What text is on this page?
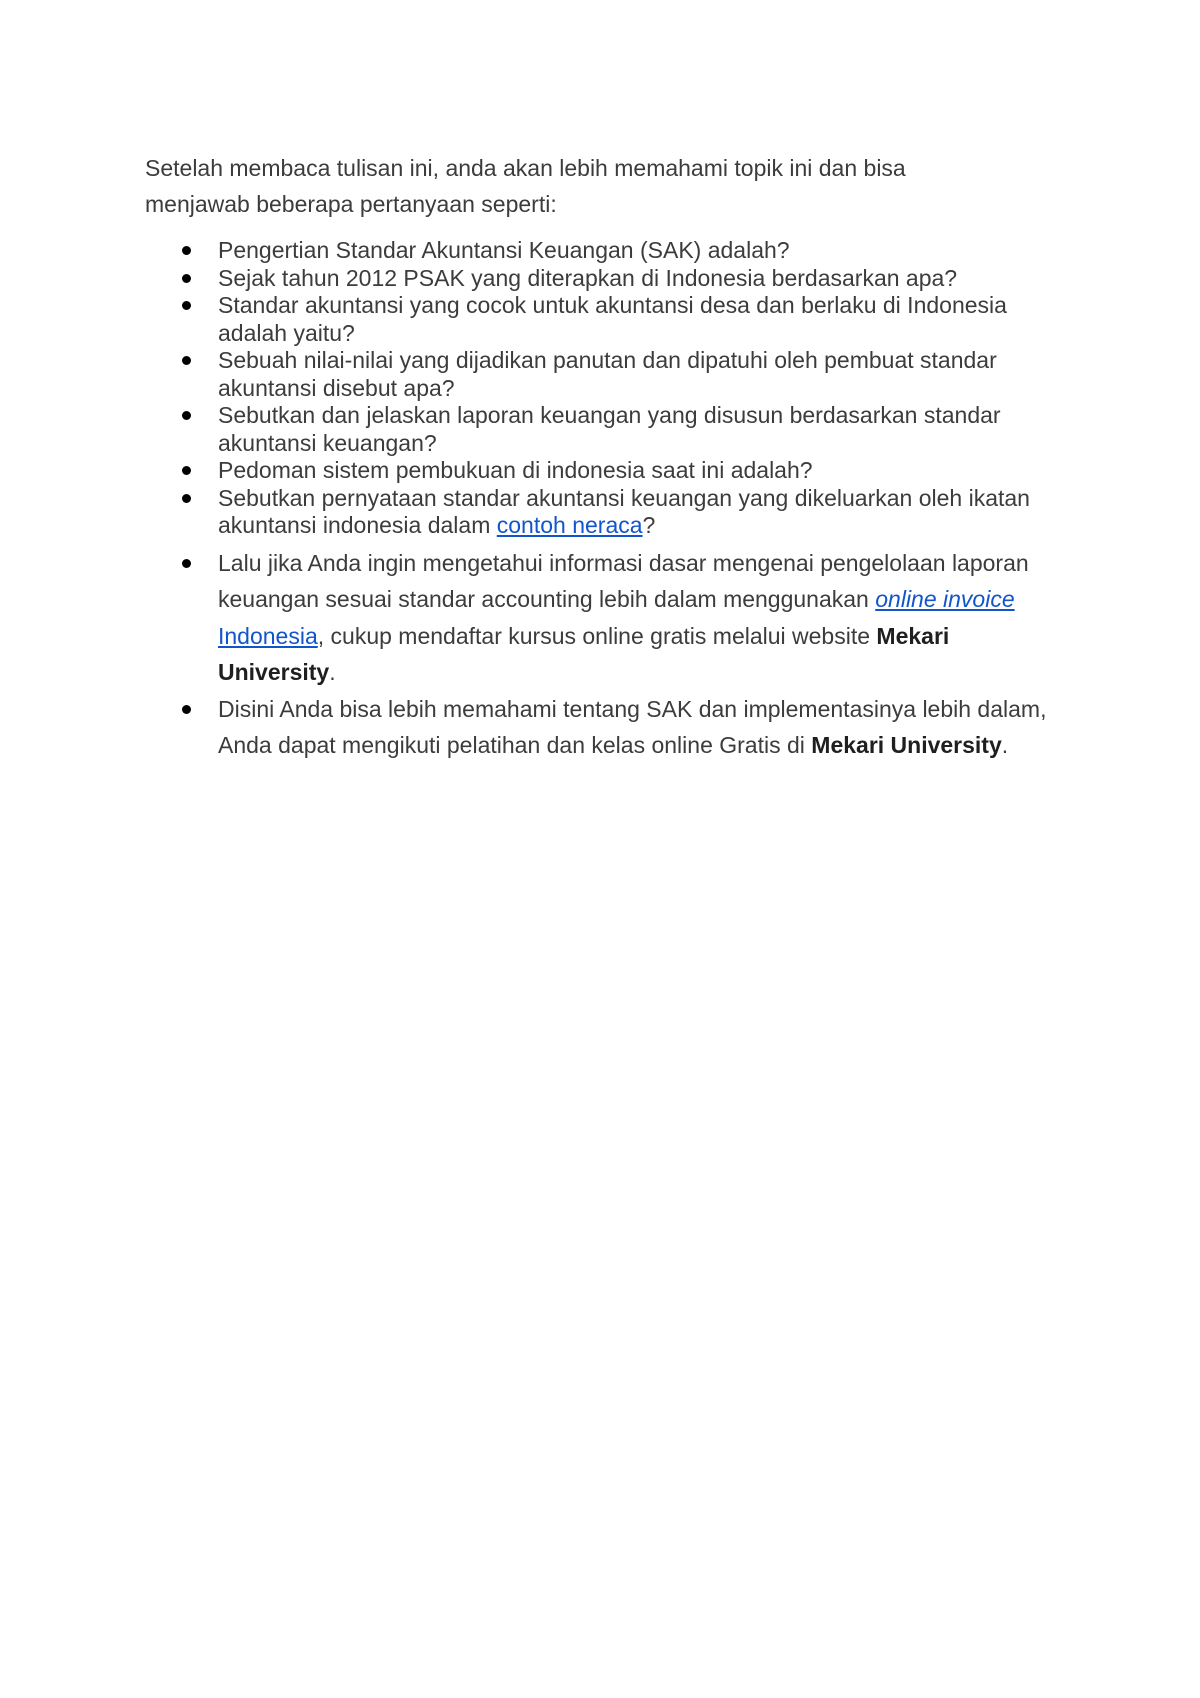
Setelah membaca tulisan ini, anda akan lebih memahami topik ini dan bisa
menjawab beberapa pertanyaan seperti:

Pengertian Standar Akuntansi Keuangan (SAK) adalah?
Sejak tahun 2012 PSAK yang diterapkan di Indonesia berdasarkan apa?
Standar akuntansi yang cocok untuk akuntansi desa dan berlaku di Indonesia adalah yaitu?
Sebuah nilai-nilai yang dijadikan panutan dan dipatuhi oleh pembuat standar akuntansi disebut apa?
Sebutkan dan jelaskan laporan keuangan yang disusun berdasarkan standar akuntansi keuangan?
Pedoman sistem pembukuan di indonesia saat ini adalah?
Sebutkan pernyataan standar akuntansi keuangan yang dikeluarkan oleh ikatan akuntansi indonesia dalam contoh neraca?
Lalu jika Anda ingin mengetahui informasi dasar mengenai pengelolaan laporan keuangan sesuai standar accounting lebih dalam menggunakan online invoice Indonesia, cukup mendaftar kursus online gratis melalui website Mekari University.
Disini Anda bisa lebih memahami tentang SAK dan implementasinya lebih dalam, Anda dapat mengikuti pelatihan dan kelas online Gratis di Mekari University.
